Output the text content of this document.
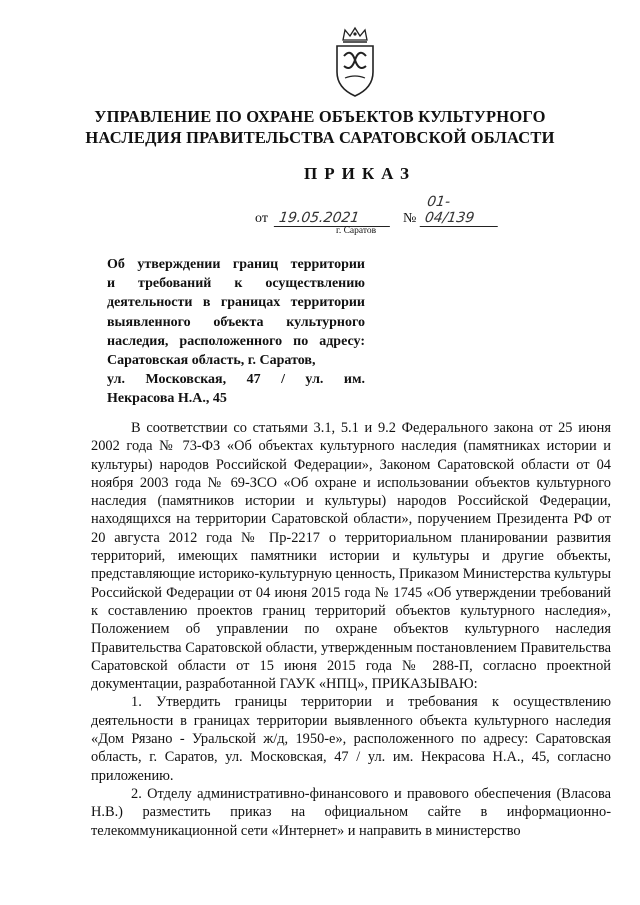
УПРАВЛЕНИЕ ПО ОХРАНЕ ОБЪЕКТОВ КУЛЬТУРНОГО
НАСЛЕДИЯ ПРАВИТЕЛЬСТВА САРАТОВСКОЙ ОБЛАСТИ
ПРИКАЗ
от 19.05.2021	№ 01-04/139
г. Саратов
Об утверждении границ территории
и требований к осуществлению
деятельности в границах территории
выявленного объекта культурного
наследия, расположенного по адресу:
Саратовская область, г. Саратов,
ул. Московская, 47 / ул. им.
Некрасова Н.А., 45

В соответствии со статьями 3.1, 5.1 и 9.2 Федерального закона от 25 июня 2002 года № 73-ФЗ «Об объектах культурного наследия (памятниках истории и культуры) народов Российской Федерации», Законом Саратовской области от 04 ноября 2003 года № 69-ЗСО «Об охране и использовании объектов культурного наследия (памятников истории и культуры) народов Российской Федерации, находящихся на территории Саратовской области», поручением Президента РФ от 20 августа 2012 года № Пр-2217 о территориальном планировании развития территорий, имеющих памятники истории и культуры и другие объекты, представляющие историко-культурную ценность, Приказом Министерства культуры Российской Федерации от 04 июня 2015 года № 1745 «Об утверждении требований к составлению проектов границ территорий объектов культурного наследия», Положением об управлении по охране объектов культурного наследия Правительства Саратовской области, утвержденным постановлением Правительства Саратовской области от 15 июня 2015 года № 288-П, согласно проектной документации, разработанной ГАУК «НПЦ», ПРИКАЗЫВАЮ:

1. Утвердить границы территории и требования к осуществлению деятельности в границах территории выявленного объекта культурного наследия «Дом Рязано - Уральской ж/д, 1950-е», расположенного по адресу: Саратовская область, г. Саратов, ул. Московская, 47 / ул. им. Некрасова Н.А., 45, согласно приложению.

2. Отделу административно-финансового и правового обеспечения (Власова Н.В.) разместить приказ на официальном сайте в информационно-телекоммуникационной сети «Интернет» и направить в министерство
